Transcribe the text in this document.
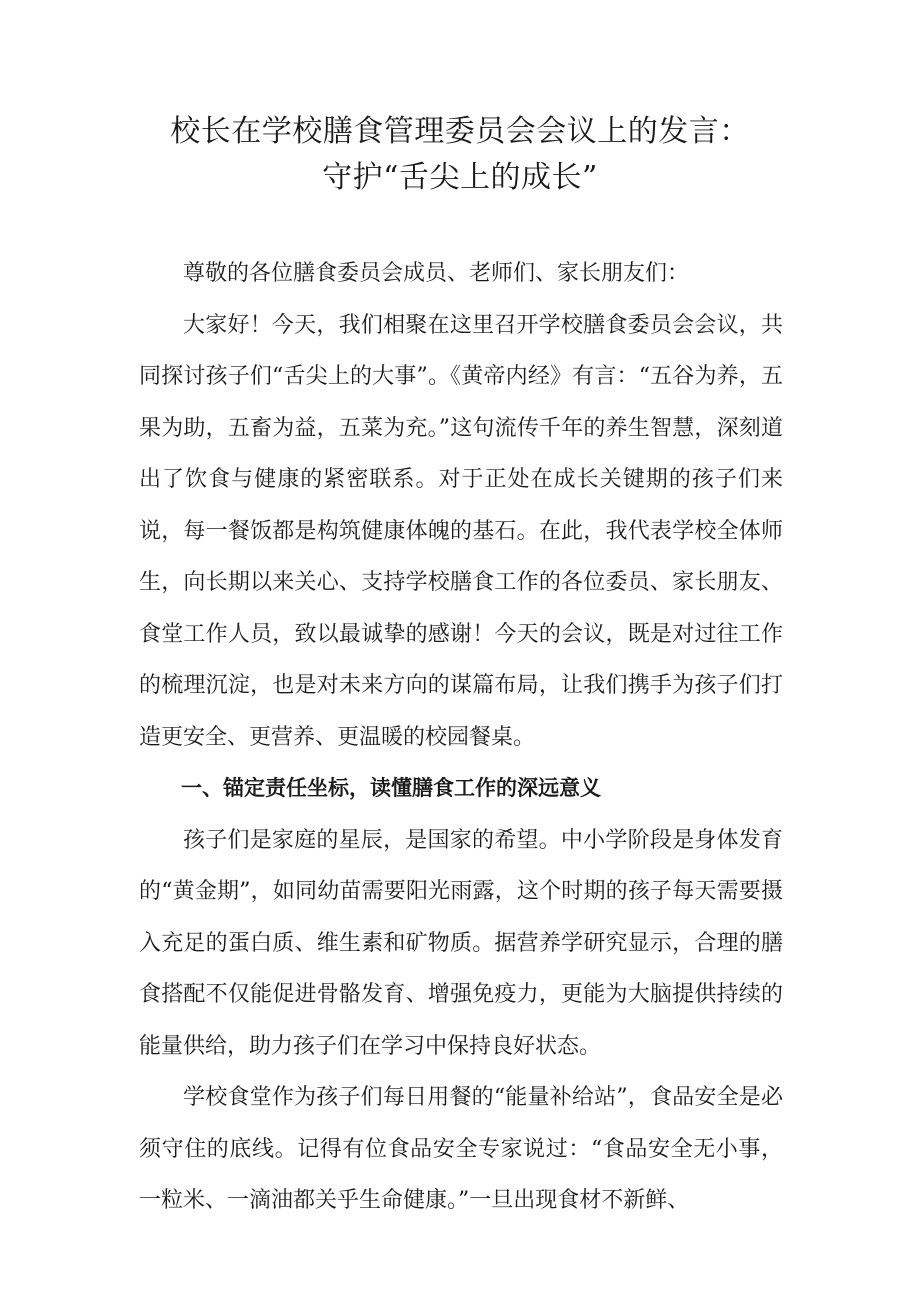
校长在学校膳食管理委员会会议上的发言：
守护“舌尖上的成长”

尊敬的各位膳食委员会成员、老师们、家长朋友们：

大家好！今天，我们相聚在这里召开学校膳食委员会会议，共同探讨孩子们“舌尖上的大事”。《黄帝内经》有言：“五谷为养，五果为助，五畜为益，五菜为充。”这句流传千年的养生智慧，深刻道出了饮食与健康的紧密联系。对于正处在成长关键期的孩子们来说，每一餐饭都是构筑健康体魄的基石。在此，我代表学校全体师生，向长期以来关心、支持学校膳食工作的各位委员、家长朋友、食堂工作人员，致以最诚挚的感谢！今天的会议，既是对过往工作的梳理沉淀，也是对未来方向的谋篇布局，让我们携手为孩子们打造更安全、更营养、更温暖的校园餐桌。

一、锚定责任坐标，读懂膳食工作的深远意义

孩子们是家庭的星辰，是国家的希望。中小学阶段是身体发育的“黄金期”，如同幼苗需要阳光雨露，这个时期的孩子每天需要摄入充足的蛋白质、维生素和矿物质。据营养学研究显示，合理的膳食搭配不仅能促进骨骼发育、增强免疫力，更能为大脑提供持续的能量供给，助力孩子们在学习中保持良好状态。

学校食堂作为孩子们每日用餐的“能量补给站”，食品安全是必须守住的底线。记得有位食品安全专家说过：“食品安全无小事，一粒米、一滴油都关乎生命健康。”一旦出现食材不新鲜、
